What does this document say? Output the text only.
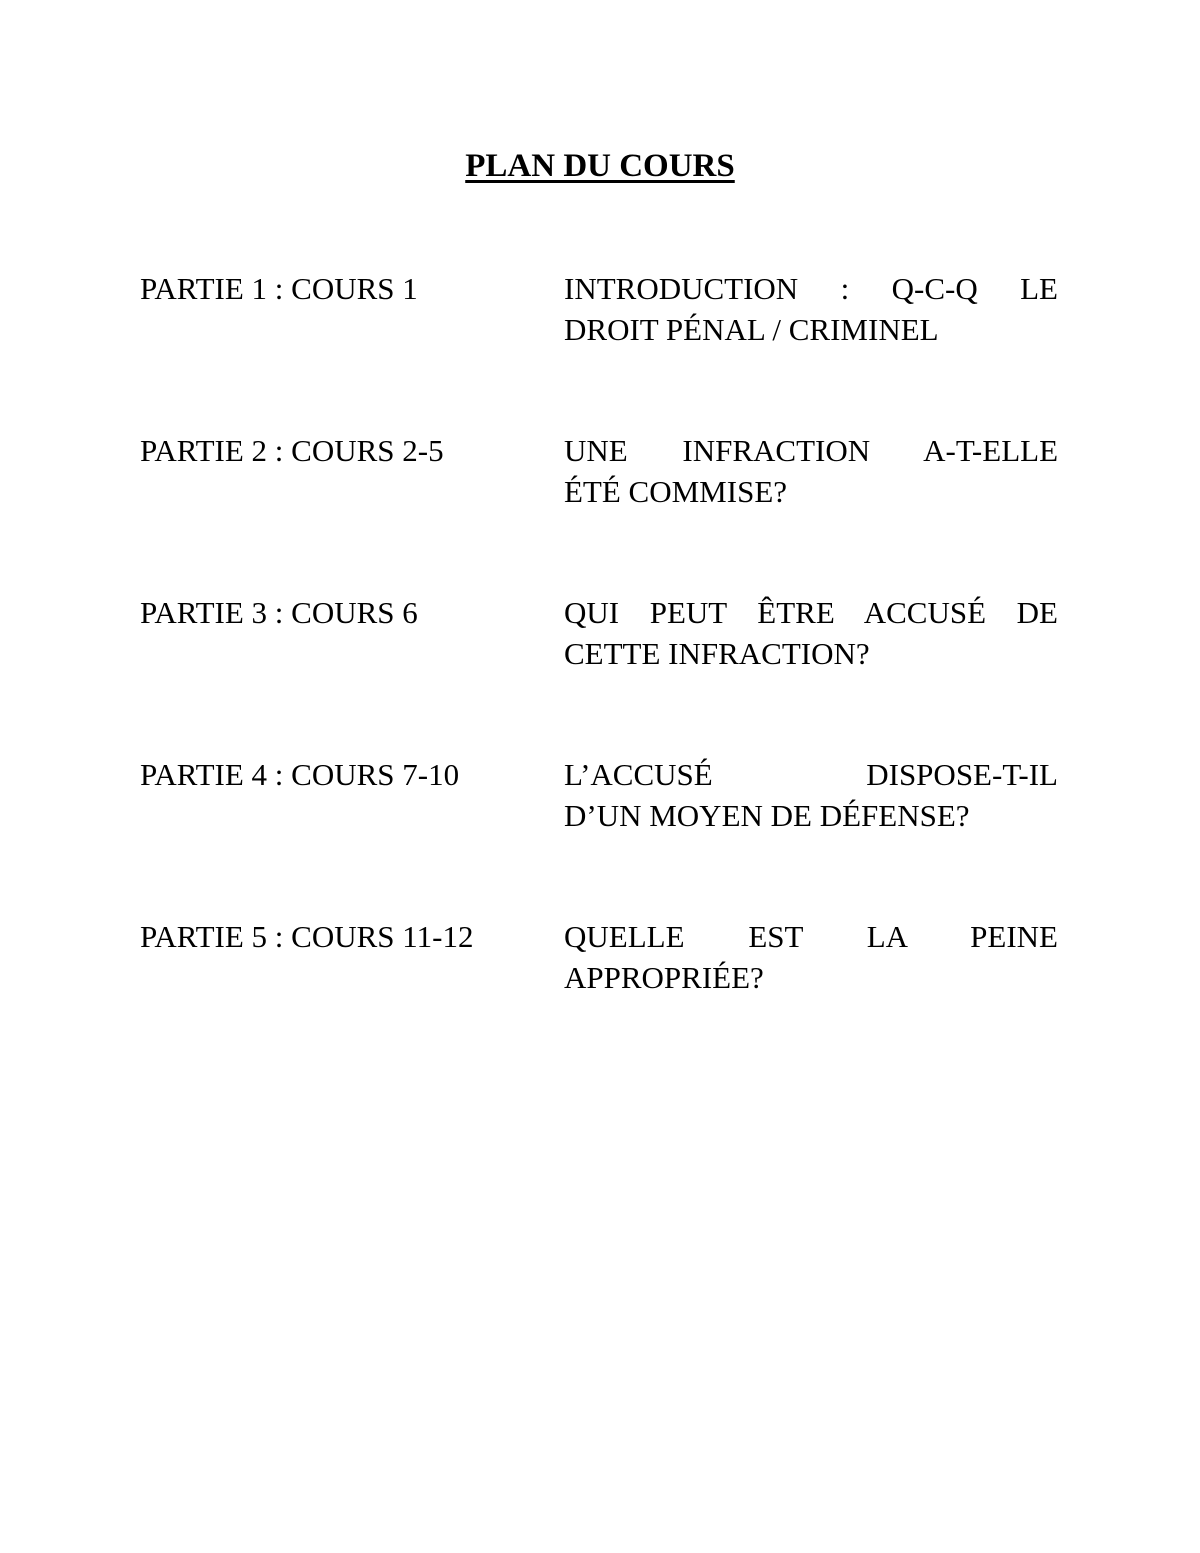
PLAN DU COURS
PARTIE 1 : COURS 1	INTRODUCTION : Q-C-Q LE
DROIT PÉNAL / CRIMINEL
PARTIE 2 : COURS 2-5	UNE INFRACTION A-T-ELLE
ÉTÉ COMMISE?
PARTIE 3 : COURS 6	QUI PEUT ÊTRE ACCUSÉ DE
CETTE INFRACTION?
PARTIE 4 : COURS 7-10	L’ACCUSÉ DISPOSE-T-IL
D’UN MOYEN DE DÉFENSE?
PARTIE 5 : COURS 11-12	QUELLE EST LA PEINE
APPROPRIÉE?
